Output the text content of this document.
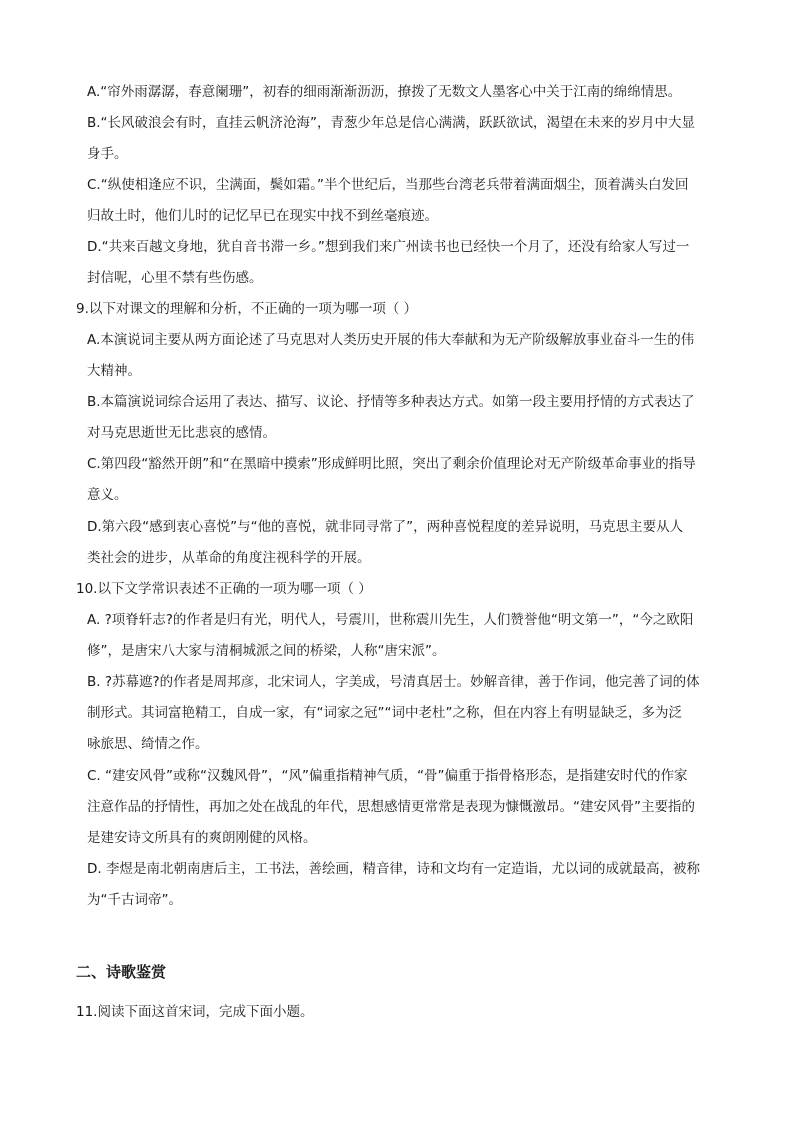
A.“帘外雨潺潺，春意阑珊”，初春的细雨渐渐沥沥，撩拨了无数文人墨客心中关于江南的绵绵情思。
B.“长风破浪会有时，直挂云帆济沧海”，青葱少年总是信心满满，跃跃欲试，渴望在未来的岁月中大显
身手。
C.“纵使相逢应不识，尘满面，鬓如霜。”半个世纪后，当那些台湾老兵带着满面烟尘，顶着满头白发回
归故土时，他们儿时的记忆早已在现实中找不到丝毫痕迹。
D.“共来百越文身地，犹自音书滞一乡。”想到我们来广州读书也已经快一个月了，还没有给家人写过一
封信呢，心里不禁有些伤感。
9.以下对课文的理解和分析，不正确的一项为哪一项（ ）
A.本演说词主要从两方面论述了马克思对人类历史开展的伟大奉献和为无产阶级解放事业奋斗一生的伟
大精神。
B.本篇演说词综合运用了表达、描写、议论、抒情等多种表达方式。如第一段主要用抒情的方式表达了
对马克思逝世无比悲哀的感情。
C.第四段“豁然开朗”和“在黑暗中摸索”形成鲜明比照，突出了剩余价值理论对无产阶级革命事业的指导
意义。
D.第六段“感到衷心喜悦”与“他的喜悦，就非同寻常了”，两种喜悦程度的差异说明，马克思主要从人
类社会的进步，从革命的角度注视科学的开展。
10.以下文学常识表述不正确的一项为哪一项（ ）
A. ?项脊轩志?的作者是归有光，明代人，号震川，世称震川先生，人们赞誉他“明文第一”，“今之欧阳
修”，是唐宋八大家与清桐城派之间的桥梁，人称“唐宋派”。
B. ?苏幕遮?的作者是周邦彦，北宋词人，字美成，号清真居士。妙解音律，善于作词，他完善了词的体
制形式。其词富艳精工，自成一家，有“词家之冠”“词中老杜”之称，但在内容上有明显缺乏，多为泛
咏旅思、绮情之作。
C. “建安风骨”或称“汉魏风骨”，“风”偏重指精神气质，“骨”偏重于指骨格形态，是指建安时代的作家
注意作品的抒情性，再加之处在战乱的年代，思想感情更常常是表现为慷慨激昂。“建安风骨”主要指的
是建安诗文所具有的爽朗刚健的风格。
D. 李煜是南北朝南唐后主，工书法，善绘画，精音律，诗和文均有一定造诣，尤以词的成就最高，被称
为“千古词帝”。
二、诗歌鉴赏
11.阅读下面这首宋词，完成下面小题。
